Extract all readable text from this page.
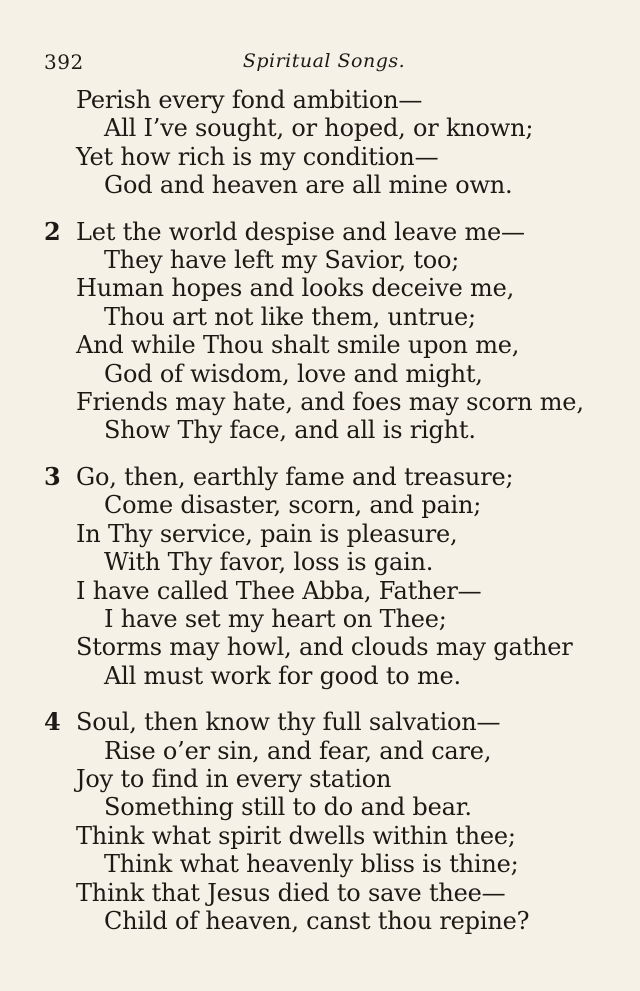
392	Spiritual Songs.
Perish every fond ambition—
All I’ve sought, or hoped, or known;
Yet how rich is my condition—
God and heaven are all mine own.
2 Let the world despise and leave me—
They have left my Savior, too;
Human hopes and looks deceive me,
Thou art not like them, untrue;
And while Thou shalt smile upon me,
God of wisdom, love and might,
Friends may hate, and foes may scorn me,
Show Thy face, and all is right.
3 Go, then, earthly fame and treasure;
Come disaster, scorn, and pain;
In Thy service, pain is pleasure,
With Thy favor, loss is gain.
I have called Thee Abba, Father—
I have set my heart on Thee;
Storms may howl, and clouds may gather
All must work for good to me.
4 Soul, then know thy full salvation—
Rise o’er sin, and fear, and care,
Joy to find in every station
Something still to do and bear.
Think what spirit dwells within thee;
Think what heavenly bliss is thine;
Think that Jesus died to save thee—
Child of heaven, canst thou repine?
